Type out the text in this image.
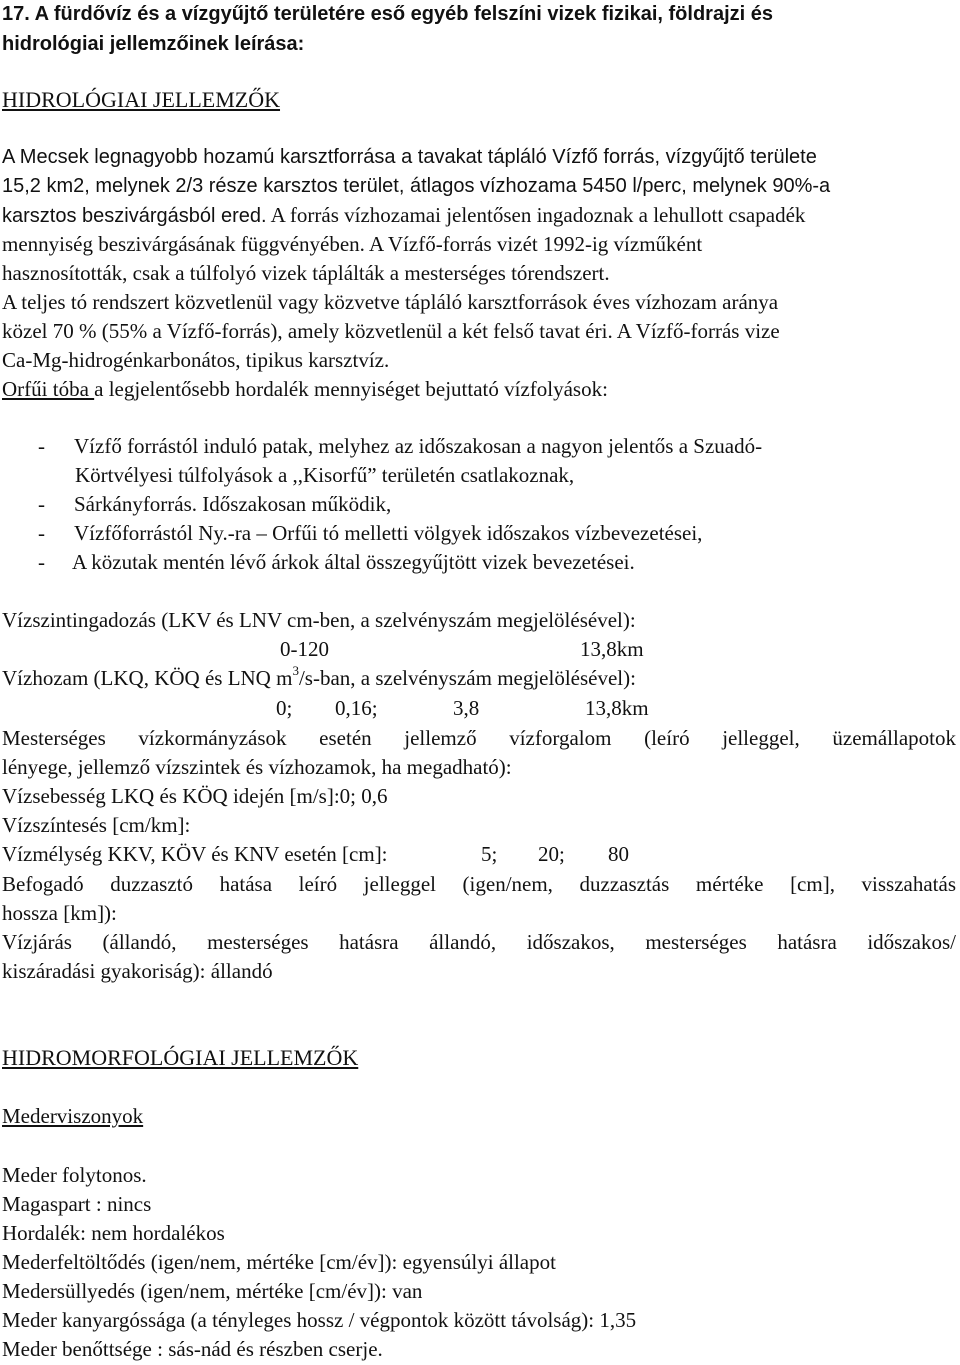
17. A fürdővíz és a vízgyűjtő területére eső egyéb felszíni vizek fizikai, földrajzi és
hidrológiai jellemzőinek leírása:
HIDROLÓGIAI JELLEMZŐK
A Mecsek legnagyobb hozamú karsztforrása a tavakat tápláló Vízfő forrás, vízgyűjtő területe
15,2 km2, melynek 2/3 része karsztos terület, átlagos vízhozama 5450 l/perc, melynek 90%-a
karsztos beszivárgásból ered. A forrás vízhozamai jelentősen ingadoznak a lehullott csapadék
mennyiség beszivárgásának függvényében. A Vízfő-forrás vizét 1992-ig vízműként
hasznosították, csak a túlfolyó vizek táplálták a mesterséges tórendszert.
A teljes tó rendszert közvetlenül vagy közvetve tápláló karsztforrások éves vízhozam aránya
közel 70 % (55% a Vízfő-forrás), amely közvetlenül a két felső tavat éri. A Vízfő-forrás vize
Ca-Mg-hidrogénkarbonátos, tipikus karsztvíz.
Orfűi tóba a legjelentősebb hordalék mennyiséget bejuttató vízfolyások:
- Vízfő forrástól induló patak, melyhez az időszakosan a nagyon jelentős a Szuadó-
Körtvélyesi túlfolyások a ,,Kisorfű” területén csatlakoznak,
- Sárkányforrás. Időszakosan működik,
- Vízfőforrástól Ny.-ra – Orfűi tó melletti völgyek időszakos vízbevezetései,
- A közutak mentén lévő árkok által összegyűjtött vizek bevezetései.
Vízszintingadozás (LKV és LNV cm-ben, a szelvényszám megjelölésével):
0-120	13,8km
Vízhozam (LKQ, KÖQ és LNQ $m^3/s$-ban, a szelvényszám megjelölésével):
0; 0,16;	3,8	13,8km
Mesterséges vízkormányzások esetén jellemző vízforgalom (leíró jelleggel, üzemállapotok
lényege, jellemző vízszintek és vízhozamok, ha megadható):
Vízsebesség LKQ és KÖQ idején [m/s]:0; 0,6
Vízszíntesés [cm/km]:
Vízmélység KKV, KÖV és KNV esetén [cm]:	5; 20; 80
Befogadó duzzasztó hatása leíró jelleggel (igen/nem, duzzasztás mértéke [cm], visszahatás
hossza [km]):
Vízjárás (állandó, mesterséges hatásra állandó, időszakos, mesterséges hatásra időszakos/
kiszáradási gyakoriság): állandó
HIDROMORFOLÓGIAI JELLEMZŐK
Mederviszonyok
Meder folytonos.
Magaspart : nincs
Hordalék: nem hordalékos
Mederfeltöltődés (igen/nem, mértéke [cm/év]): egyensúlyi állapot
Medersüllyedés (igen/nem, mértéke [cm/év]): van
Meder kanyargóssága (a tényleges hossz / végpontok között távolság): 1,35
Meder benőttsége : sás-nád és részben cserje.
